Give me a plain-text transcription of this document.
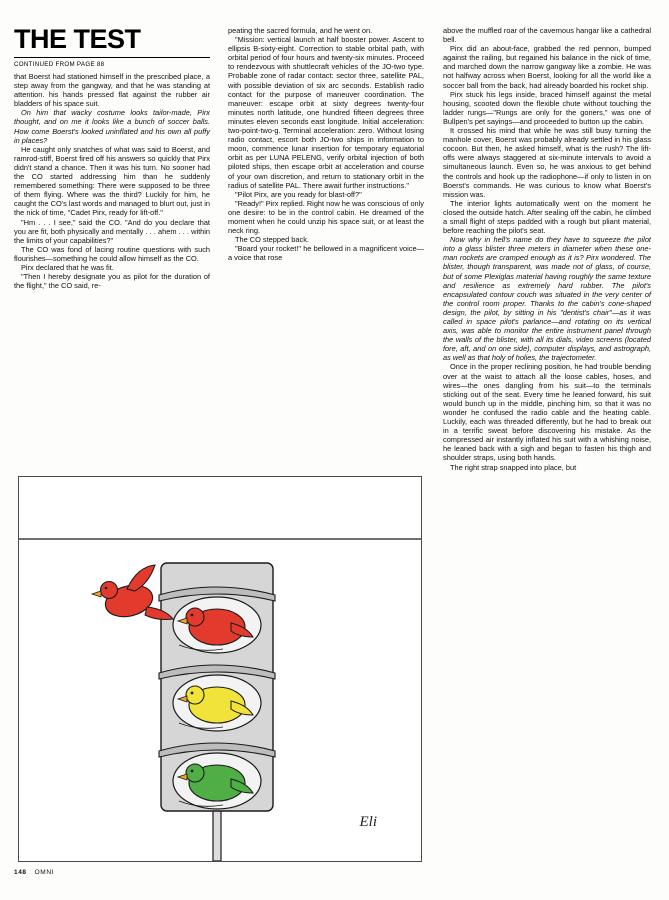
THE TEST
CONTINUED FROM PAGE 88

that Boerst had stationed himself in the prescribed place, a step away from the gangway, and that he was standing at attention. his hands pressed flat against the rubber air bladders of his space suit.

On him that wacky costume looks tailor-made, Pirx thought, and on me it looks like a bunch of soccer balls. How come Boerst's looked uninflated and his own all puffy in places?

He caught only snatches of what was said to Boerst, and ramrod-stiff, Boerst fired off his answers so quickly that Pirx didn't stand a chance. Then it was his turn. No sooner had the CO started addressing him than he suddenly remembered something: There were supposed to be three of them flying. Where was the third? Luckily for him, he caught the CO's last words and managed to blurt out, just in the nick of time, "Cadet Pirx, ready for lift-off."

"Hm . . . I see," said the CO. "And do you declare that you are fit, both physically and mentally . . . ahem . . . within the limits of your capabilities?"

The CO was fond of lacing routine questions with such flourishes—something he could allow himself as the CO.

Pirx declared that he was fit.

"Then I hereby designate you as pilot for the duration of the flight," the CO said, re-

peating the sacred formula, and he went on.

"Mission: vertical launch at half booster power. Ascent to ellipsis B-sixty-eight. Correction to stable orbital path, with orbital period of four hours and twenty-six minutes. Proceed to rendezvous with shuttlecraft vehicles of the JO-two type. Probable zone of radar contact: sector three, satellite PAL, with possible deviation of six arc seconds. Establish radio contact for the purpose of maneuver coordination. The maneuver: escape orbit at sixty degrees twenty-four minutes north latitude, one hundred fifteen degrees three minutes eleven seconds east longitude. Initial acceleration: two-point-two-g. Terminal acceleration: zero. Without losing radio contact, escort both JO-two ships in information to moon, commence lunar insertion for temporary equatorial orbit as per LUNA PELENG, verify orbital injection of both piloted ships, then escape orbit at acceleration and course of your own discretion, and return to stationary orbit in the radius of satellite PAL. There await further instructions."

"Pilot Pirx, are you ready for blast-off?"

"Ready!" Pirx replied. Right now he was conscious of only one desire: to be in the control cabin. He dreamed of the moment when he could unzip his space suit, or at least the neck ring.

The CO stepped back.

"Board your rocket!" he bellowed in a magnificent voice—a voice that rose

above the muffled roar of the cavernous hangar like a cathedral bell.

Pirx did an about-face, grabbed the red pennon, bumped against the railing, but regained his balance in the nick of time, and marched down the narrow gangway like a zombie. He was not halfway across when Boerst, looking for all the world like a soccer ball from the back, had already boarded his rocket ship.

Pirx stuck his legs inside, braced himself against the metal housing, scooted down the flexible chute without touching the ladder rungs—"Rungs are only for the goners," was one of Bullpen's pet sayings—and proceeded to button up the cabin.

It crossed his mind that while he was still busy turning the manhole cover, Boerst was probably already settled in his glass cocoon. But then, he asked himself, what is the rush? The lift-offs were always staggered at six-minute intervals to avoid a simultaneous launch. Even so, he was anxious to get behind the controls and hook up the radiophone—if only to listen in on Boerst's commands. He was curious to know what Boerst's mission was.

The interior lights automatically went on the moment he closed the outside hatch. After sealing off the cabin, he climbed a small flight of steps padded with a rough but pliant material, before reaching the pilot's seat.

Now why in hell's name do they have to squeeze the pilot into a glass blister three meters in diameter when these one-man rockets are cramped enough as it is? Pirx wondered. The blister, though transparent, was made not of glass, of course, but of some Plexiglas material having roughly the same texture and resilience as extremely hard rubber. The pilot's encapsulated contour couch was situated in the very center of the control room proper. Thanks to the cabin's cone-shaped design, the pilot, by sitting in his "dentist's chair"—as it was called in space pilot's parlance—and rotating on its vertical axis, was able to monitor the entire instrument panel through the walls of the blister, with all its dials, video screens (located fore, aft, and on one side), computer displays, and astrograph, as well as that holy of holies, the trajectometer.

Once in the proper reclining position, he had trouble bending over at the waist to attach all the loose cables, hoses, and wires—the ones dangling from his suit—to the terminals sticking out of the seat. Every time he leaned forward, his suit would bunch up in the middle, pinching him, so that it was no wonder he confused the radio cable and the heating cable. Luckily, each was threaded differently, but he had to break out in a terrific sweat before discovering his mistake. As the compressed air instantly inflated his suit with a whishing noise, he leaned back with a sigh and began to fasten his thigh and shoulder straps, using both hands.

The right strap snapped into place, but

Eli
148 OMNI
